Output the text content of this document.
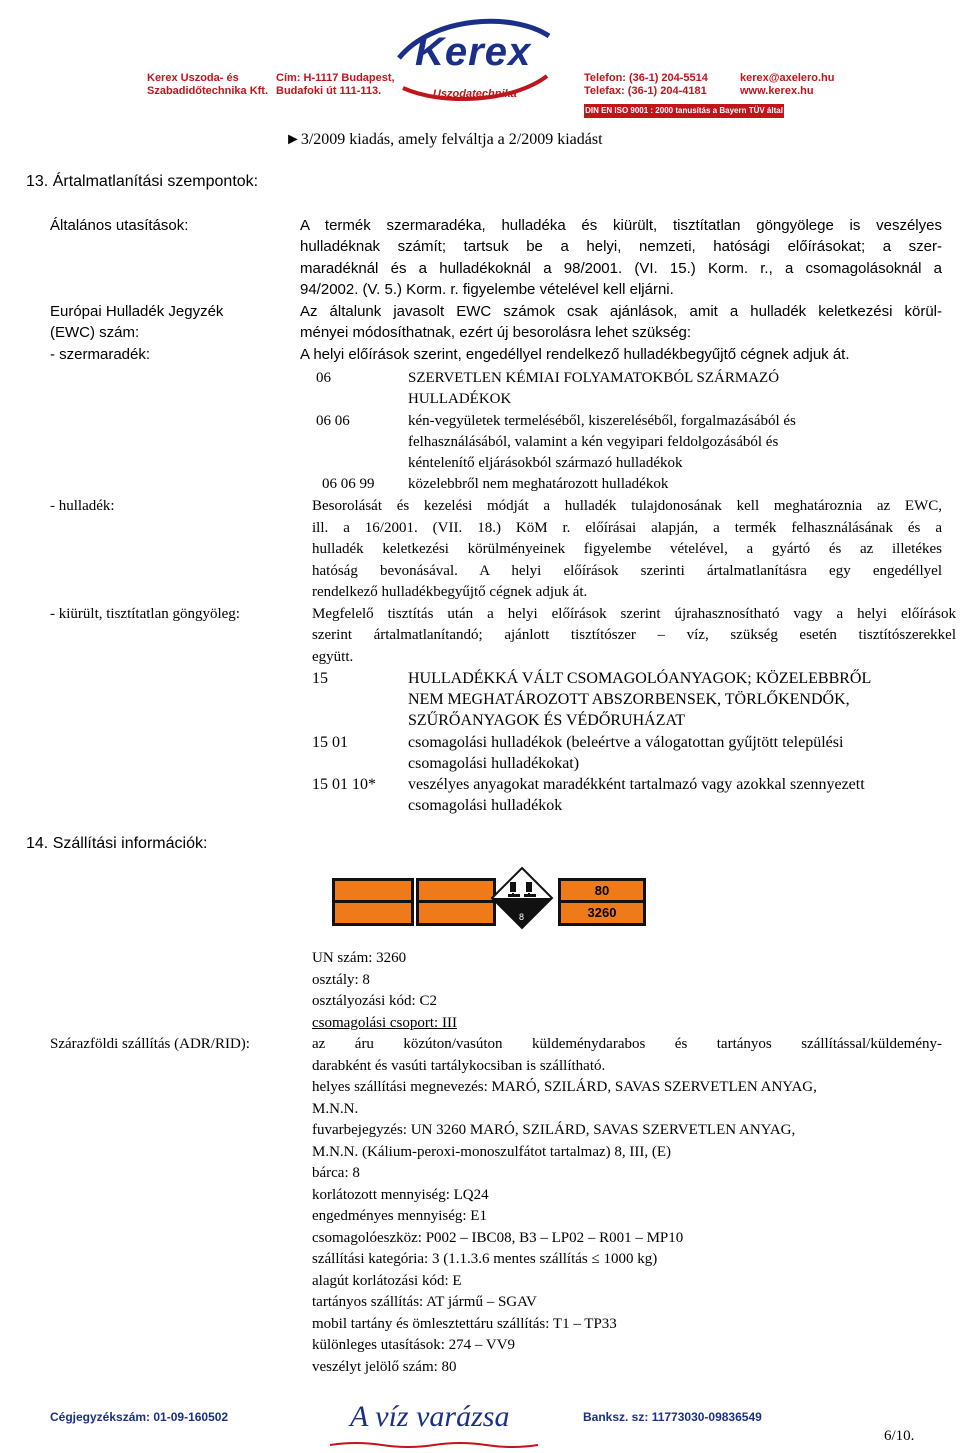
Kerex
Uszodatechnika
Kerex Uszoda- és
Szabadidőtechnika Kft.
Cím: H-1117 Budapest,
Budafoki út 111-113.
Telefon: (36-1) 204-5514
Telefax: (36-1) 204-4181
kerex@axelero.hu
www.kerex.hu
DIN EN ISO 9001 : 2000 tanusítás a Bayern TÜV által
►3/2009 kiadás, amely felváltja a 2/2009 kiadást
13. Ártalmatlanítási szempontok:
Általános utasítások:	A termék szermaradéka, hulladéka és kiürült, tisztítatlan göngyölege is veszélyes
hulladéknak számít; tartsuk be a helyi, nemzeti, hatósági előírásokat; a szer-
maradéknál és a hulladékoknál a 98/2001. (VI. 15.) Korm. r., a csomagolásoknál a
94/2002. (V. 5.) Korm. r. figyelembe vételével kell eljárni.
Európai Hulladék Jegyzék
(EWC) szám:
Az általunk javasolt EWC számok csak ajánlások, amit a hulladék keletkezési körül-
ményei módosíthatnak, ezért új besorolásra lehet szükség:
- szermaradék:	A helyi előírások szerint, engedéllyel rendelkező hulladékbegyűjtő cégnek adjuk át.
06	SZERVETLEN KÉMIAI FOLYAMATOKBÓL SZÁRMAZÓ
HULLADÉKOK
06 06	kén-vegyületek termeléséből, kiszereléséből, forgalmazásából és
felhasználásából, valamint a kén vegyipari feldolgozásából és
kéntelenítő eljárásokból származó hulladékok
06 06 99 közelebbről nem meghatározott hulladékok
- hulladék:	Besorolását és kezelési módját a hulladék tulajdonosának kell meghatároznia az EWC,
ill. a 16/2001. (VII. 18.) KöM r. előírásai alapján, a termék felhasználásának és a
hulladék keletkezési körülményeinek figyelembe vételével, a gyártó és az illetékes
hatóság bevonásával. A helyi előírások szerinti ártalmatlanításra egy engedéllyel
rendelkező hulladékbegyűjtő cégnek adjuk át.
- kiürült, tisztítatlan göngyöleg:	Megfelelő tisztítás után a helyi előírások szerint újrahasznosítható vagy a helyi előírások
szerint ártalmatlanítandó; ajánlott tisztítószer – víz, szükség esetén tisztítószerekkel
együtt.
15	HULLADÉKKÁ VÁLT CSOMAGOLÓANYAGOK; KÖZELEBBRŐL
NEM MEGHATÁROZOTT ABSZORBENSEK, TÖRLŐKENDŐK,
SZŰRŐANYAGOK ÉS VÉDŐRUHÁZAT
15 01	csomagolási hulladékok (beleértve a válogatottan gyűjtött települési
csomagolási hulladékokat)
15 01 10* veszélyes anyagokat maradékként tartalmazó vagy azokkal szennyezett
csomagolási hulladékok
14. Szállítási információk:
8
80
3260
UN szám: 3260
osztály: 8
osztályozási kód: C2
csomagolási csoport: III
Szárazföldi szállítás (ADR/RID):	az áru közúton/vasúton küldeménydarabos és tartányos szállítással/küldemény-
darabként és vasúti tartálykocsiban is szállítható.
helyes szállítási megnevezés: MARÓ, SZILÁRD, SAVAS SZERVETLEN ANYAG,
M.N.N.
fuvarbejegyzés: UN 3260 MARÓ, SZILÁRD, SAVAS SZERVETLEN ANYAG,
M.N.N. (Kálium-peroxi-monoszulfátot tartalmaz) 8, III, (E)
bárca: 8
korlátozott mennyiség: LQ24
engedményes mennyiség: E1
csomagolóeszköz: P002 – IBC08, B3 – LP02 – R001 – MP10
szállítási kategória: 3 (1.1.3.6 mentes szállítás ≤ 1000 kg)
alagút korlátozási kód: E
tartányos szállítás: AT jármű – SGAV
mobil tartány és ömlesztettáru szállítás: T1 – TP33
különleges utasítások: 274 – VV9
veszélyt jelölő szám: 80
Cégjegyzékszám: 01-09-160502	A víz varázsa	Banksz. sz: 11773030-09836549
6/10.
